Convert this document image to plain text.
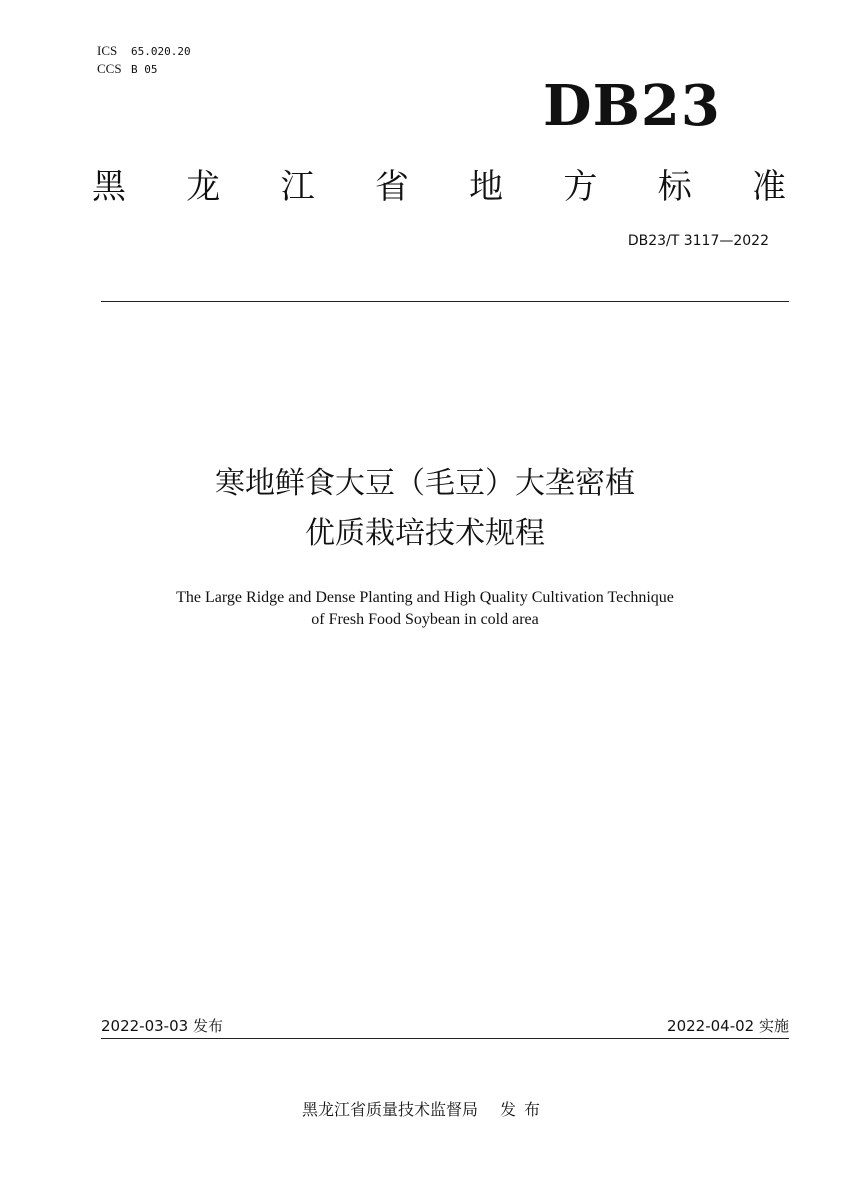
ICS 65.020.20
CCS B 05
DB23
黑 龙 江 省 地 方 标 准
DB23/T 3117—2022
寒地鲜食大豆（毛豆）大垄密植
优质栽培技术规程
The Large Ridge and Dense Planting and High Quality Cultivation Technique
of Fresh Food Soybean in cold area
2022-03-03 发布	2022-04-02 实施
黑龙江省质量技术监督局 发布
